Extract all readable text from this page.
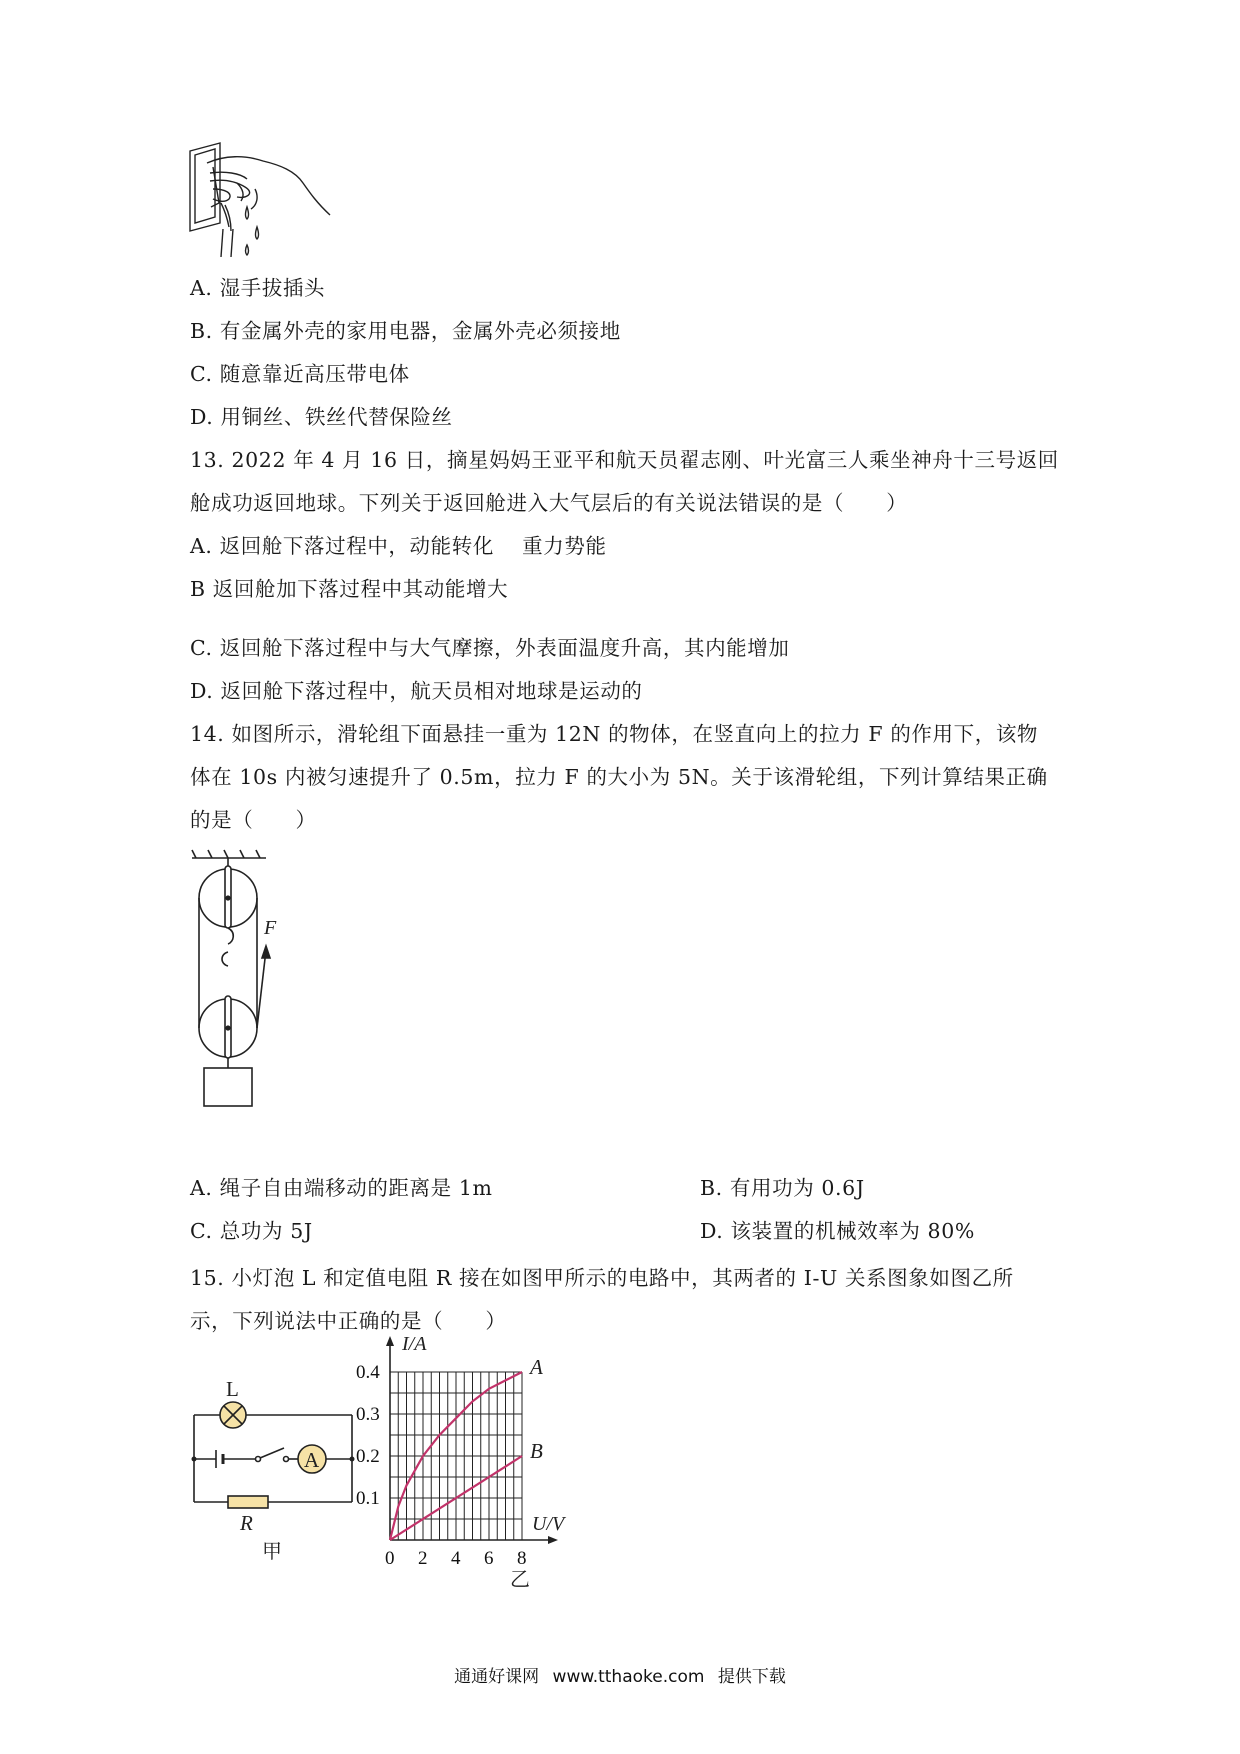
A. 湿手拔插头
B. 有金属外壳的家用电器，金属外壳必须接地
C. 随意靠近高压带电体
D. 用铜丝、铁丝代替保险丝
13. 2022 年 4 月 16 日，摘星妈妈王亚平和航天员翟志刚、叶光富三人乘坐神舟十三号返回
舱成功返回地球。下列关于返回舱进入大气层后的有关说法错误的是（　　）
A. 返回舱下落过程中，动能转化　 重力势能
B 返回舱加下落过程中其动能增大
C. 返回舱下落过程中与大气摩擦，外表面温度升高，其内能增加
D. 返回舱下落过程中，航天员相对地球是运动的
14. 如图所示，滑轮组下面悬挂一重为 12N 的物体，在竖直向上的拉力 F 的作用下，该物
体在 10s 内被匀速提升了 0.5m，拉力 F 的大小为 5N。关于该滑轮组，下列计算结果正确
的是（　　）
F
A. 绳子自由端移动的距离是 1m	B. 有用功为 0.6J
C. 总功为 5J	D. 该装置的机械效率为 80%
15. 小灯泡 L 和定值电阻 R 接在如图甲所示的电路中，其两者的 I-U 关系图象如图乙所
示，下列说法中正确的是（　　）
L
A
R
甲
A
B
0 2 4 6 8
0.1
0.2
0.3
0.4
U/V
I/A
乙
通通好课网 www.tthaoke.com 提供下载
